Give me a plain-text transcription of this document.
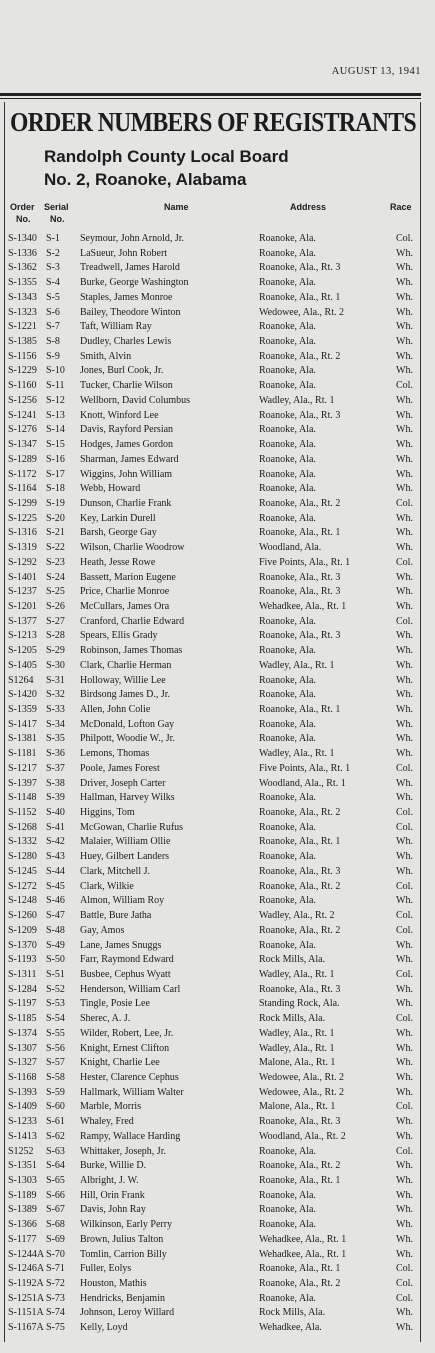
AUGUST 13, 1941
ORDER NUMBERS OF REGISTRANTS
Randolph County Local Board
No. 2, Roanoke, Alabama
Order
No.
Serial
No.
Name	Address	Race
S-1340 S-1	Seymour, John Arnold, Jr.	Roanoke, Ala.	Col.
S-1336 S-2	LaSueur, John Robert	Roanoke, Ala.	Wh.
S-1362 S-3	Treadwell, James Harold	Roanoke, Ala., Rt. 3	Wh.
S-1355 S-4	Burke, George Washington	Roanoke, Ala.	Wh.
S-1343 S-5	Staples, James Monroe	Roanoke, Ala., Rt. 1	Wh.
S-1323 S-6	Bailey, Theodore Winton	Wedowee, Ala., Rt. 2	Wh.
S-1221 S-7	Taft, William Ray	Roanoke, Ala.	Wh.
S-1385 S-8	Dudley, Charles Lewis	Roanoke, Ala.	Wh.
S-1156 S-9	Smith, Alvin	Roanoke, Ala., Rt. 2	Wh.
S-1229 S-10	Jones, Burl Cook, Jr.	Roanoke, Ala.	Wh.
S-1160 S-11	Tucker, Charlie Wilson	Roanoke, Ala.	Col.
S-1256 S-12	Wellborn, David Columbus	Wadley, Ala., Rt. 1	Wh.
S-1241 S-13	Knott, Winford Lee	Roanoke, Ala., Rt. 3	Wh.
S-1276 S-14	Davis, Rayford Persian	Roanoke, Ala.	Wh.
S-1347 S-15	Hodges, James Gordon	Roanoke, Ala.	Wh.
S-1289 S-16	Sharman, James Edward	Roanoke, Ala.	Wh.
S-1172 S-17	Wiggins, John William	Roanoke, Ala.	Wh.
S-1164 S-18	Webb, Howard	Roanoke, Ala.	Wh.
S-1299 S-19	Dunson, Charlie Frank	Roanoke, Ala., Rt. 2	Col.
S-1225 S-20	Key, Larkin Durell	Roanoke, Ala.	Wh.
S-1316 S-21	Barsh, George Gay	Roanoke, Ala., Rt. 1	Wh.
S-1319 S-22	Wilson, Charlie Woodrow	Woodland, Ala.	Wh.
S-1292 S-23	Heath, Jesse Rowe	Five Points, Ala., Rt. 1	Col.
S-1401 S-24	Bassett, Marion Eugene	Roanoke, Ala., Rt. 3	Wh.
S-1237 S-25	Price, Charlie Monroe	Roanoke, Ala., Rt. 3	Wh.
S-1201 S-26	McCullars, James Ora	Wehadkee, Ala., Rt. 1	Wh.
S-1377 S-27	Cranford, Charlie Edward	Roanoke, Ala.	Col.
S-1213 S-28	Spears, Ellis Grady	Roanoke, Ala., Rt. 3	Wh.
S-1205 S-29	Robinson, James Thomas	Roanoke, Ala.	Wh.
S-1405 S-30	Clark, Charlie Herman	Wadley, Ala., Rt. 1	Wh.
S1264	S-31	Holloway, Willie Lee	Roanoke, Ala.	Wh.
S-1420 S-32	Birdsong James D., Jr.	Roanoke, Ala.	Wh.
S-1359 S-33	Allen, John Colie	Roanoke, Ala., Rt. 1	Wh.
S-1417 S-34	McDonald, Lofton Gay	Roanoke, Ala.	Wh.
S-1381 S-35	Philpott, Woodie W., Jr.	Roanoke, Ala.	Wh.
S-1181 S-36	Lemons, Thomas	Wadley, Ala., Rt. 1	Wh.
S-1217 S-37	Poole, James Forest	Five Points, Ala., Rt. 1	Col.
S-1397 S-38	Driver, Joseph Carter	Woodland, Ala., Rt. 1	Wh.
S-1148 S-39	Hallman, Harvey Wilks	Roanoke, Ala.	Wh.
S-1152 S-40	Higgins, Tom	Roanoke, Ala., Rt. 2	Col.
S-1268 S-41	McGowan, Charlie Rufus	Roanoke, Ala.	Col.
S-1332 S-42	Malaier, William Ollie	Roanoke, Ala., Rt. 1	Wh.
S-1280 S-43	Huey, Gilbert Landers	Roanoke, Ala.	Wh.
S-1245 S-44	Clark, Mitchell J.	Roanoke, Ala., Rt. 3	Wh.
S-1272 S-45	Clark, Wilkie	Roanoke, Ala., Rt. 2	Col.
S-1248 S-46	Almon, William Roy	Roanoke, Ala.	Wh.
S-1260 S-47	Battle, Bure Jatha	Wadley, Ala., Rt. 2	Col.
S-1209 S-48	Gay, Amos	Roanoke, Ala., Rt. 2	Col.
S-1370 S-49	Lane, James Snuggs	Roanoke, Ala.	Wh.
S-1193 S-50	Farr, Raymond Edward	Rock Mills, Ala.	Wh.
S-1311 S-51	Busbee, Cephus Wyatt	Wadley, Ala., Rt. 1	Col.
S-1284 S-52	Henderson, William Carl	Roanoke, Ala., Rt. 3	Wh.
S-1197 S-53	Tingle, Posie Lee	Standing Rock, Ala.	Wh.
S-1185 S-54	Sherec, A. J.	Rock Mills, Ala.	Col.
S-1374 S-55	Wilder, Robert, Lee, Jr.	Wadley, Ala., Rt. 1	Wh.
S-1307 S-56	Knight, Ernest Clifton	Wadley, Ala., Rt. 1	Wh.
S-1327 S-57	Knight, Charlie Lee	Malone, Ala., Rt. 1	Wh.
S-1168 S-58	Hester, Clarence Cephus	Wedowee, Ala., Rt. 2	Wh.
S-1393 S-59	Hallmark, William Walter	Wedowee, Ala., Rt. 2	Wh.
S-1409 S-60	Marble, Morris	Malone, Ala., Rt. 1	Col.
S-1233 S-61	Whaley, Fred	Roanoke, Ala., Rt. 3	Wh.
S-1413 S-62	Rampy, Wallace Harding	Woodland, Ala., Rt. 2	Wh.
S1252	S-63	Whittaker, Joseph, Jr.	Roanoke, Ala.	Col.
S-1351 S-64	Burke, Willie D.	Roanoke, Ala., Rt. 2	Wh.
S-1303 S-65	Albright, J. W.	Roanoke, Ala., Rt. 1	Wh.
S-1189 S-66	Hill, Orin Frank	Roanoke, Ala.	Wh.
S-1389 S-67	Davis, John Ray	Roanoke, Ala.	Wh.
S-1366 S-68	Wilkinson, Early Perry	Roanoke, Ala.	Wh.
S-1177 S-69	Brown, Julius Talton	Wehadkee, Ala., Rt. 1	Wh.
S-1244A S-70	Tomlin, Carrion Billy	Wehadkee, Ala., Rt. 1	Wh.
S-1246A S-71	Fuller, Eolys	Roanoke, Ala., Rt. 1	Col.
S-1192A S-72	Houston, Mathis	Roanoke, Ala., Rt. 2	Col.
S-1251A S-73	Hendricks, Benjamin	Roanoke, Ala.	Col.
S-1151A S-74	Johnson, Leroy Willard	Rock Mills, Ala.	Wh.
S-1167A S-75	Kelly, Loyd	Wehadkee, Ala.	Wh.
